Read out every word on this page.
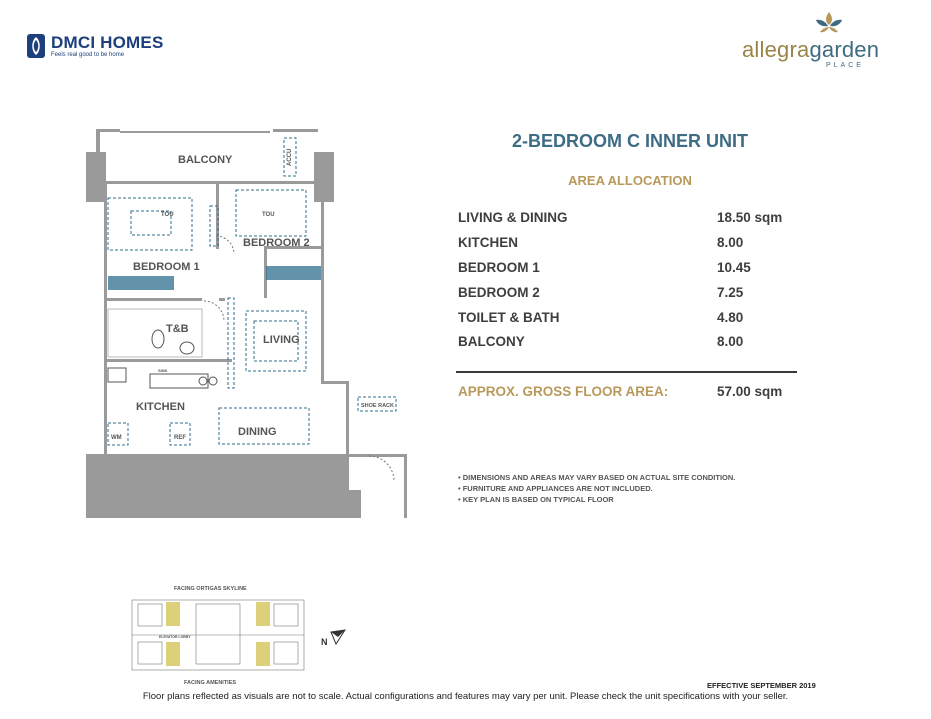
DMCI HOMES
Feels real good to be home	allegragarden
PLACE
BALCONY	ACCU
BEDROOM 1
BEDROOM 2
T&B
LIVING
KITCHEN
DINING
SHOE RACK
WM	REF
TOU	TOU
SINK
FACING ORTIGAS SKYLINE
ELEVATOR LOBBY
FACING AMENITIES
N
2-BEDROOM C INNER UNIT
AREA ALLOCATION
LIVING & DINING	18.50 sqm
KITCHEN	8.00
BEDROOM 1	10.45
BEDROOM 2	7.25
TOILET & BATH	4.80
BALCONY	8.00
APPROX. GROSS FLOOR AREA:	57.00 sqm
• DIMENSIONS AND AREAS MAY VARY BASED ON ACTUAL SITE CONDITION.
• FURNITURE AND APPLIANCES ARE NOT INCLUDED.
• KEY PLAN IS BASED ON TYPICAL FLOOR
EFFECTIVE SEPTEMBER 2019
Floor plans reflected as visuals are not to scale. Actual configurations and features may vary per unit. Please check the unit specifications with your seller.
